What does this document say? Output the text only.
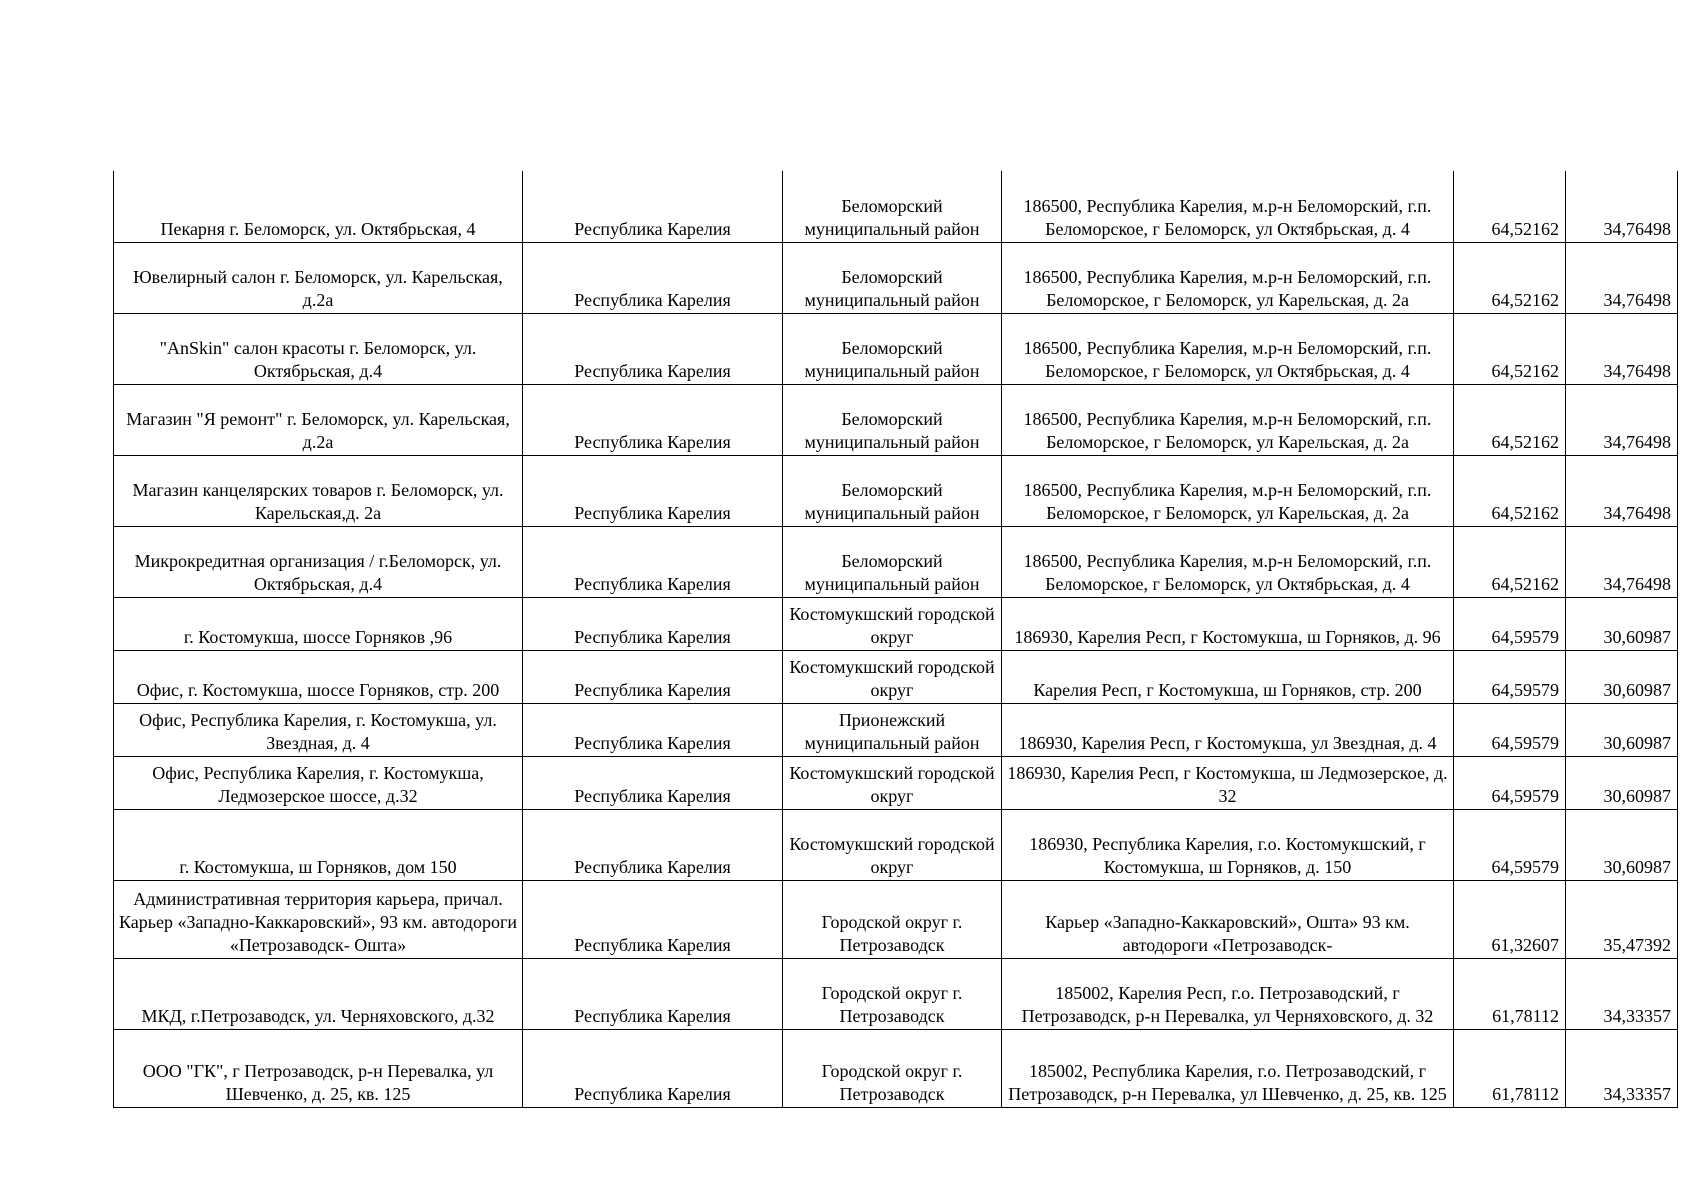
Пекарня г. Беломорск, ул. Октябрьская, 4	Республика Карелия	Беломорский муниципальный район	186500, Республика Карелия, м.р-н Беломорский, г.п. Беломорское, г Беломорск, ул Октябрьская, д. 4	64,52162	34,76498
Ювелирный салон г. Беломорск, ул. Карельская, д.2а	Республика Карелия	Беломорский муниципальный район	186500, Республика Карелия, м.р-н Беломорский, г.п. Беломорское, г Беломорск, ул Карельская, д. 2а	64,52162	34,76498
"AnSkin" салон красоты г. Беломорск, ул. Октябрьская, д.4	Республика Карелия	Беломорский муниципальный район	186500, Республика Карелия, м.р-н Беломорский, г.п. Беломорское, г Беломорск, ул Октябрьская, д. 4	64,52162	34,76498
Магазин "Я ремонт" г. Беломорск, ул. Карельская, д.2а	Республика Карелия	Беломорский муниципальный район	186500, Республика Карелия, м.р-н Беломорский, г.п. Беломорское, г Беломорск, ул Карельская, д. 2а	64,52162	34,76498
Магазин канцелярских товаров г. Беломорск, ул. Карельская,д. 2а	Республика Карелия	Беломорский муниципальный район	186500, Республика Карелия, м.р-н Беломорский, г.п. Беломорское, г Беломорск, ул Карельская, д. 2а	64,52162	34,76498
Микрокредитная организация / г.Беломорск, ул. Октябрьская, д.4	Республика Карелия	Беломорский муниципальный район	186500, Республика Карелия, м.р-н Беломорский, г.п. Беломорское, г Беломорск, ул Октябрьская, д. 4	64,52162	34,76498
г. Костомукша, шоссе Горняков ,96	Республика Карелия	Костомукшский городской округ	186930, Карелия Респ, г Костомукша, ш Горняков, д. 96	64,59579	30,60987
Офис, г. Костомукша, шоссе Горняков, стр. 200	Республика Карелия	Костомукшский городской округ	Карелия Респ, г Костомукша, ш Горняков, стр. 200	64,59579	30,60987
Офис, Республика Карелия, г. Костомукша, ул. Звездная, д. 4	Республика Карелия	Прионежский муниципальный район	186930, Карелия Респ, г Костомукша, ул Звездная, д. 4	64,59579	30,60987
Офис, Республика Карелия, г. Костомукша, Ледмозерское шоссе, д.32	Республика Карелия	Костомукшский городской округ	186930, Карелия Респ, г Костомукша, ш Ледмозерское, д. 32	64,59579	30,60987
г. Костомукша, ш Горняков, дом 150	Республика Карелия	Костомукшский городской округ	186930, Республика Карелия, г.о. Костомукшский, г Костомукша, ш Горняков, д. 150	64,59579	30,60987
Административная территория карьера, причал. Карьер «Западно-Каккаровский», 93 км. автодороги «Петрозаводск- Ошта»	Республика Карелия	Городской округ г. Петрозаводск	Карьер «Западно-Каккаровский», Ошта» 93 км. автодороги «Петрозаводск-	61,32607	35,47392
МКД, г.Петрозаводск, ул. Черняховского, д.32	Республика Карелия	Городской округ г. Петрозаводск	185002, Карелия Респ, г.о. Петрозаводский, г Петрозаводск, р-н Перевалка, ул Черняховского, д. 32	61,78112	34,33357
ООО "ГК", г Петрозаводск, р-н Перевалка, ул Шевченко, д. 25, кв. 125	Республика Карелия	Городской округ г. Петрозаводск	185002, Республика Карелия, г.о. Петрозаводский, г Петрозаводск, р-н Перевалка, ул Шевченко, д. 25, кв. 125	61,78112	34,33357
